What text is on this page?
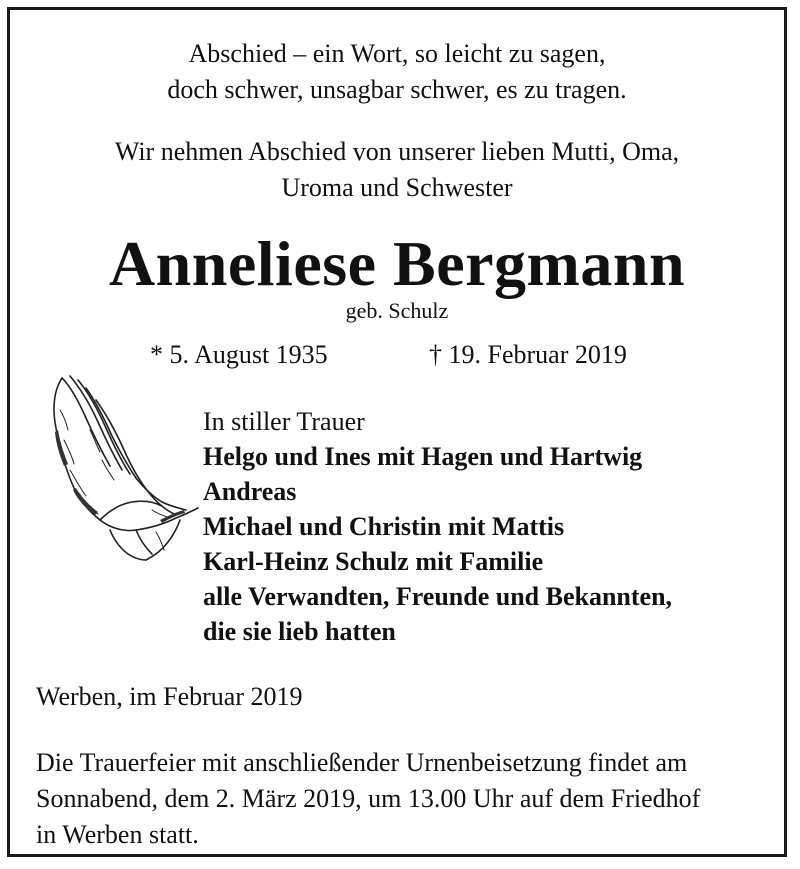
Abschied – ein Wort, so leicht zu sagen,
doch schwer, unsagbar schwer, es zu tragen.
Wir nehmen Abschied von unserer lieben Mutti, Oma,
Uroma und Schwester
Anneliese Bergmann
geb. Schulz
* 5. August 1935	† 19. Februar 2019
In stiller Trauer
Helgo und Ines mit Hagen und Hartwig
Andreas
Michael und Christin mit Mattis
Karl-Heinz Schulz mit Familie
alle Verwandten, Freunde und Bekannten,
die sie lieb hatten
Werben, im Februar 2019
Die Trauerfeier mit anschließender Urnenbeisetzung findet am
Sonnabend, dem 2. März 2019, um 13.00 Uhr auf dem Friedhof
in Werben statt.
